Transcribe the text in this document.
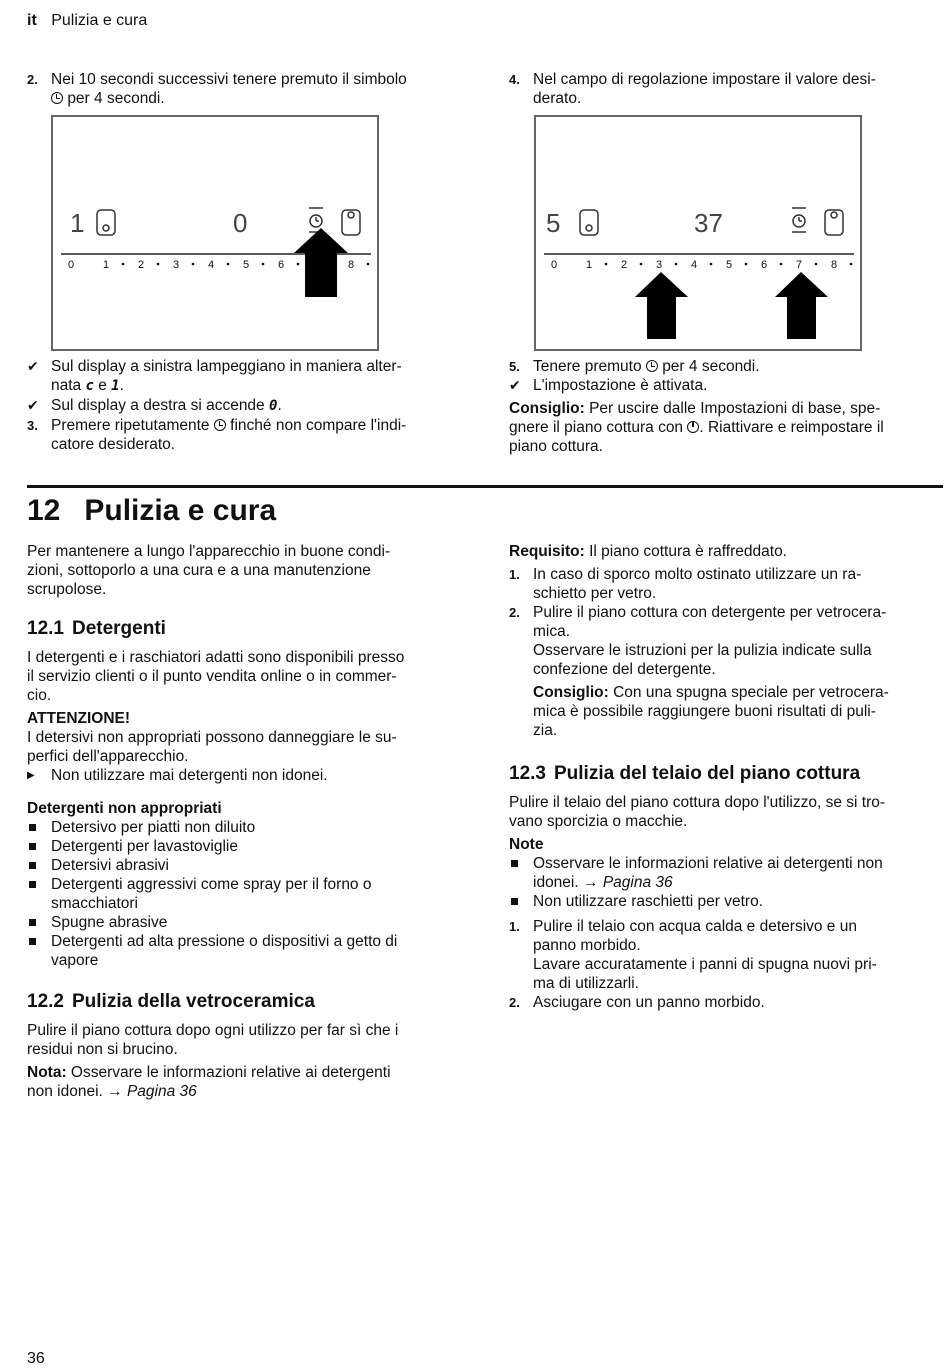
it Pulizia e cura
2. Nei 10 secondi successivi tenere premuto il simbolo
per 4 secondi.
1	0
0	1	2	3	4	5	6	8
✔ Sul display a sinistra lampeggiano in maniera alter-
nata c e 1.
✔ Sul display a destra si accende 0.
3. Premere ripetutamente finché non compare l'indi-
catore desiderato.
4. Nel campo di regolazione impostare il valore desi-
derato.
5	37
0	1	2	3	4	5	6	7	8
5. Tenere premuto per 4 secondi.
✔ L'impostazione è attivata.

Consiglio: Per uscire dalle Impostazioni di base, spe-
gnere il piano cottura con . Riattivare e reimpostare il
piano cottura.

12 Pulizia e cura

Per mantenere a lungo l'apparecchio in buone condi-
zioni, sottoporlo a una cura e a una manutenzione
scrupolose.

12.1 Detergenti

I detergenti e i raschiatori adatti sono disponibili presso
il servizio clienti o il punto vendita online o in commer-
cio.

ATTENZIONE!
I detersivi non appropriati possono danneggiare le su-
perfici dell'apparecchio.
▶	Non utilizzare mai detergenti non idonei.
Detergenti non appropriati
Detersivo per piatti non diluito
Detergenti per lavastoviglie
Detersivi abrasivi
Detergenti aggressivi come spray per il forno o
smacchiatori
Spugne abrasive
Detergenti ad alta pressione o dispositivi a getto di
vapore
12.2 Pulizia della vetroceramica

Pulire il piano cottura dopo ogni utilizzo per far sì che i
residui non si brucino.

Nota: Osservare le informazioni relative ai detergenti
non idonei. → Pagina 36

Requisito: Il piano cottura è raffreddato.

1. In caso di sporco molto ostinato utilizzare un ra-
schietto per vetro.
2. Pulire il piano cottura con detergente per vetrocera-
mica.
Osservare le istruzioni per la pulizia indicate sulla
confezione del detergente.
Consiglio: Con una spugna speciale per vetrocera-
mica è possibile raggiungere buoni risultati di puli-
zia.
12.3 Pulizia del telaio del piano cottura

Pulire il telaio del piano cottura dopo l'utilizzo, se si tro-
vano sporcizia o macchie.

Note
Osservare le informazioni relative ai detergenti non
idonei. → Pagina 36
Non utilizzare raschietti per vetro.
1. Pulire il telaio con acqua calda e detersivo e un
panno morbido.
Lavare accuratamente i panni di spugna nuovi pri-
ma di utilizzarli.
2. Asciugare con un panno morbido.
36
